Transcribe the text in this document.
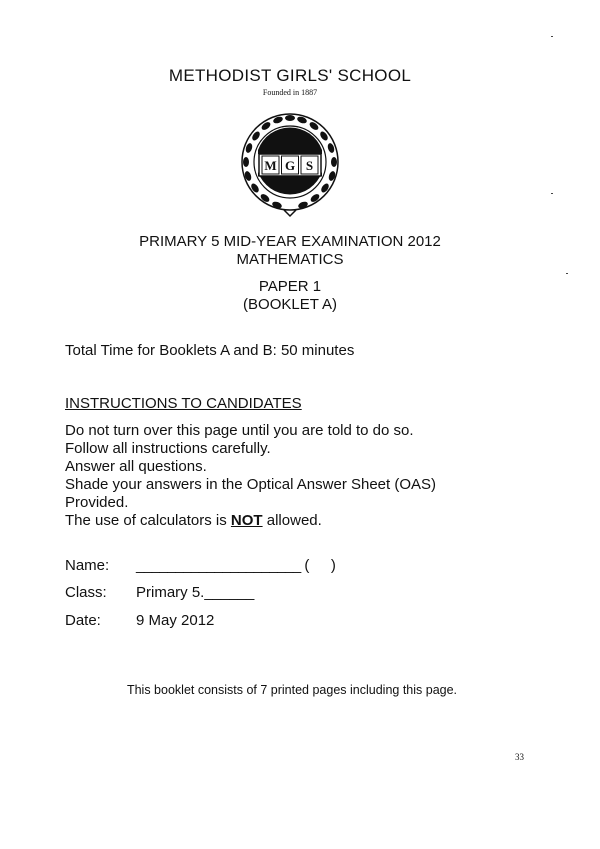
METHODIST GIRLS' SCHOOL
Founded in 1887
M G S
PRIMARY 5 MID-YEAR EXAMINATION 2012
MATHEMATICS
PAPER 1
(BOOKLET A)
Total Time for Booklets A and B: 50 minutes
INSTRUCTIONS TO CANDIDATES
Do not turn over this page until you are told to do so.
Follow all instructions carefully.
Answer all questions.
Shade your answers in the Optical Answer Sheet (OAS)
Provided.
The use of calculators is NOT allowed.
Name: _____________________ (      )
Class: Primary 5.______
Date: 9 May 2012
This booklet consists of 7 printed pages including this page.
33
